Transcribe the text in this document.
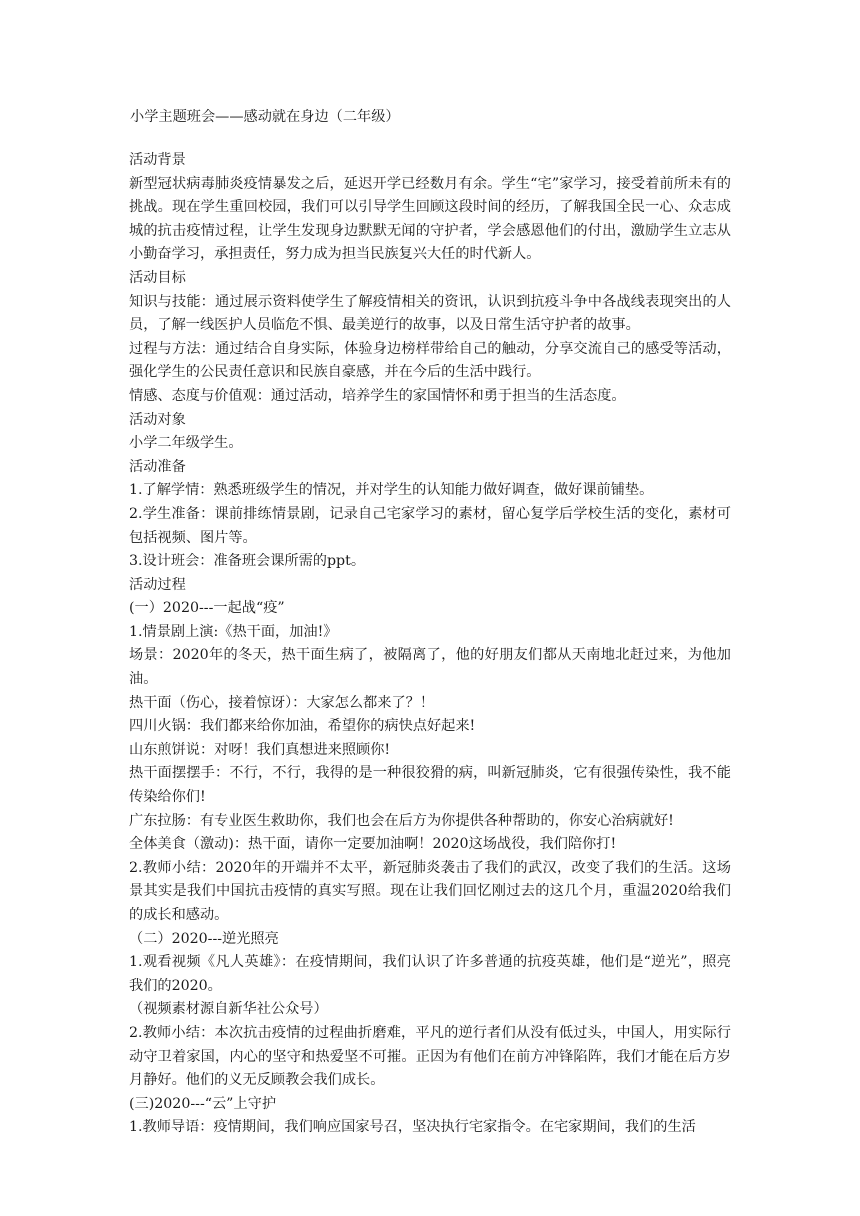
小学主题班会——感动就在身边（二年级）

活动背景

新型冠状病毒肺炎疫情暴发之后，延迟开学已经数月有余。学生“宅”家学习，接受着前所未有的挑战。现在学生重回校园，我们可以引导学生回顾这段时间的经历，了解我国全民一心、众志成城的抗击疫情过程，让学生发现身边默默无闻的守护者，学会感恩他们的付出，激励学生立志从小勤奋学习，承担责任，努力成为担当民族复兴大任的时代新人。

活动目标

知识与技能：通过展示资料使学生了解疫情相关的资讯，认识到抗疫斗争中各战线表现突出的人员，了解一线医护人员临危不惧、最美逆行的故事，以及日常生活守护者的故事。

过程与方法：通过结合自身实际，体验身边榜样带给自己的触动，分享交流自己的感受等活动，强化学生的公民责任意识和民族自豪感，并在今后的生活中践行。

情感、态度与价值观：通过活动，培养学生的家国情怀和勇于担当的生活态度。

活动对象

小学二年级学生。

活动准备

1.了解学情：熟悉班级学生的情况，并对学生的认知能力做好调查，做好课前铺垫。

2.学生准备：课前排练情景剧，记录自己宅家学习的素材，留心复学后学校生活的变化，素材可包括视频、图片等。

3.设计班会：准备班会课所需的ppt。

活动过程

(一）2020---一起战“疫”

1.情景剧上演:《热干面，加油!》

场景：2020年的冬天，热干面生病了，被隔离了，他的好朋友们都从天南地北赶过来，为他加油。

热干面（伤心，接着惊讶）：大家怎么都来了？！

四川火锅：我们都来给你加油，希望你的病快点好起来!

山东煎饼说：对呀！我们真想进来照顾你!

热干面摆摆手：不行，不行，我得的是一种很狡猾的病，叫新冠肺炎，它有很强传染性，我不能传染给你们!

广东拉肠：有专业医生救助你，我们也会在后方为你提供各种帮助的，你安心治病就好!

全体美食（激动)：热干面，请你一定要加油啊！2020这场战役，我们陪你打!

2.教师小结：2020年的开端并不太平，新冠肺炎袭击了我们的武汉，改变了我们的生活。这场景其实是我们中国抗击疫情的真实写照。现在让我们回忆刚过去的这几个月，重温2020给我们的成长和感动。

（二）2020---逆光照亮

1.观看视频《凡人英雄》：在疫情期间，我们认识了许多普通的抗疫英雄，他们是“逆光”，照亮我们的2020。

（视频素材源自新华社公众号）

2.教师小结：本次抗击疫情的过程曲折磨难，平凡的逆行者们从没有低过头，中国人，用实际行动守卫着家国，内心的坚守和热爱坚不可摧。正因为有他们在前方冲锋陷阵，我们才能在后方岁月静好。他们的义无反顾教会我们成长。

(三)2020---“云”上守护

1.教师导语：疫情期间，我们响应国家号召，坚决执行宅家指令。在宅家期间，我们的生活
